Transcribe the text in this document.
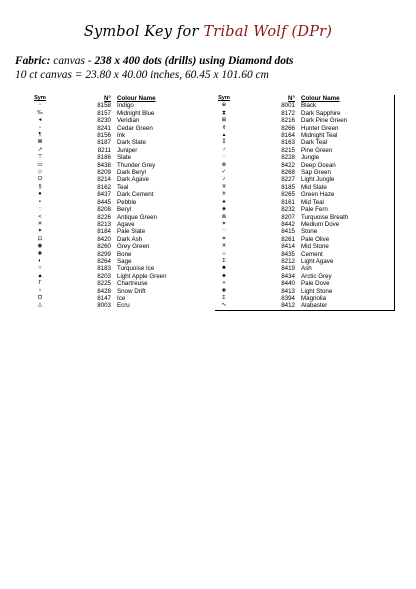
Symbol Key for Tribal Wolf (DPr)
Fabric: canvas - 238 x 400 dots (drills) using Diamond dots
10 ct canvas = 23.80 x 40.00 inches, 60.45 x 101.60 cm
Sym	N°	Colour Name
◦	8158	Indigo
‰	8157	Midnight Blue
◂	8230	Veridian
▫	8241	Cedar Green
¶	8156	Ink
⌘	8187	Dark Slate
↗	8211	Juniper
⊤	8186	Slate
▭	8438	Thunder Grey
◇	8209	Dark Beryl
Ω	8214	Dark Agave
§	8162	Teal
●	8437	Dark Cement
▪	8445	Pebble
◌	8208	Beryl
<	8226	Antique Green
☀	8213	Agave
✦	8184	Pale Slate
⊡	8420	Dark Ash
◉	8260	Grey Green
✚	8299	Bone
◐	8264	Sage
○	8183	Turquoise Ice
▲	8203	Light Apple Green
Γ	8225	Chartreuse
♀	8428	Snow Drift
℧	8147	Ice
△	8003	Ecru
Sym	N°	Colour Name
⊕	8001	Black
⧗	8172	Dark Sapphire
⊞	8216	Dark Pine Green
¢	8266	Hunter Green
▴	8164	Midnight Teal
⁑	8163	Dark Teal
♂	8215	Pine Green
∴	8228	Jungle
⊗	8422	Deep Ocean
✓	8268	Sap Green
♪	8227	Light Jungle
¥	8185	Mid Slate
✳	8265	Green Haze
♠	8161	Mid Teal
◈	8232	Pale Fern
⋒	8207	Turquoise Breath
✶	8442	Medium Dove
∷	8415	Stone
⌗	8261	Pale Olive
✕	8414	Mid Stone
⌂	8435	Cement
Σ	8212	Light Agave
■	8419	Ash
♣	8434	Arctic Grey
+	8440	Pale Dove
✚	8413	Light Stone
Σ	8394	Magnolia
∿	8412	Alabaster
